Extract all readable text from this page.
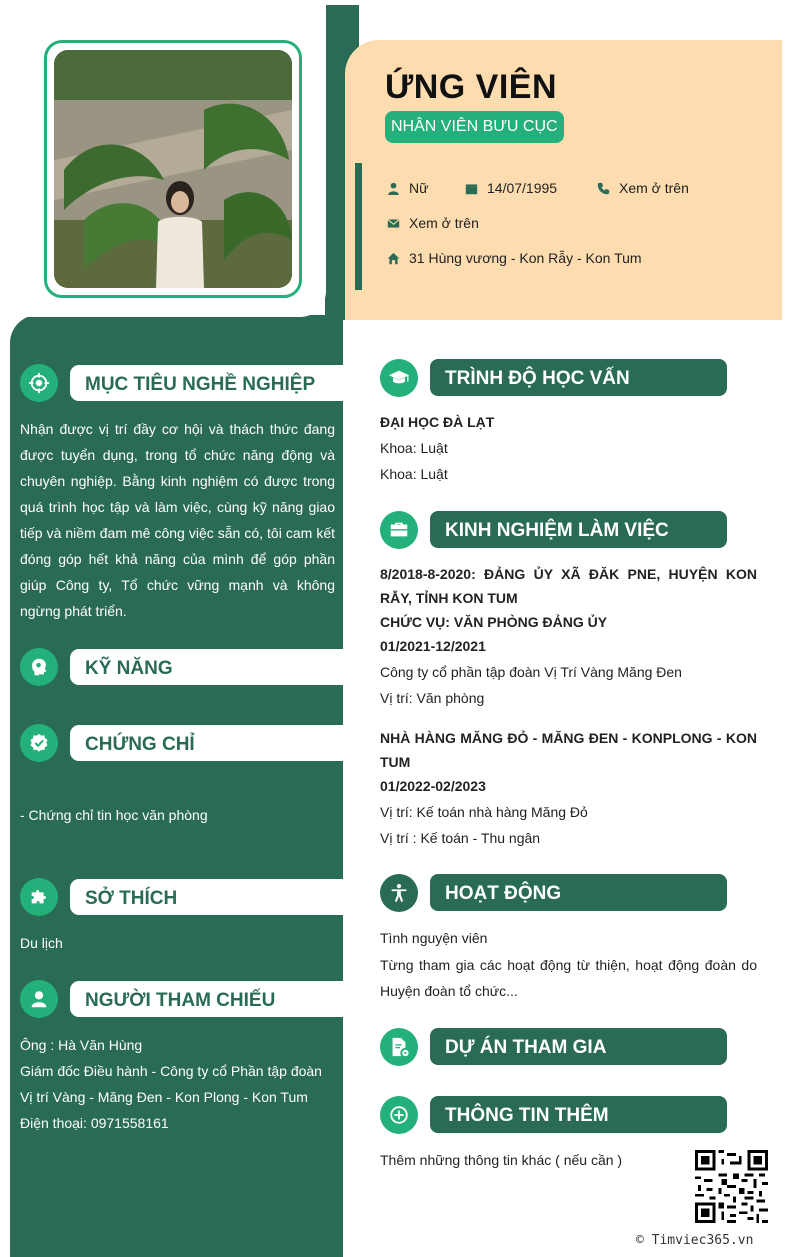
ỨNG VIÊN
NHÂN VIÊN BƯU CỤC
Nữ	14/07/1995	Xem ở trên
Xem ở trên
31 Hùng vương - Kon Rẫy - Kon Tum
MỤC TIÊU NGHỀ NGHIỆP
Nhận được vị trí đầy cơ hội và thách thức đang được tuyển dụng, trong tổ chức năng động và chuyên nghiệp. Bằng kinh nghiệm có được trong quá trình học tập và làm việc, cùng kỹ năng giao tiếp và niềm đam mê công việc sẵn có, tôi cam kết đóng góp hết khả năng của mình để góp phần giúp Công ty, Tổ chức vững mạnh và không ngừng phát triển.
KỸ NĂNG
CHỨNG CHỈ
- Chứng chỉ tin học văn phòng
SỞ THÍCH
Du lịch
NGƯỜI THAM CHIẾU
Ông : Hà Văn Hùng
Giám đốc Điều hành - Công ty cổ Phần tập đoàn Vị trí Vàng - Măng Đen - Kon Plong - Kon Tum
Điện thoại: 0971558161
TRÌNH ĐỘ HỌC VẤN
ĐẠI HỌC ĐÀ LẠT
Khoa: Luật
Khoa: Luật
KINH NGHIỆM LÀM VIỆC
8/2018-8-2020: ĐẢNG ỦY XÃ ĐĂK PNE, HUYỆN KON RẪY, TỈNH KON TUM
CHỨC VỤ: VĂN PHÒNG ĐẢNG ỦY
01/2021-12/2021
Công ty cổ phần tập đoàn Vị Trí Vàng Măng Đen
Vị trí: Văn phòng
NHÀ HÀNG MĂNG ĐỎ - MĂNG ĐEN - KONPLONG - KON TUM
01/2022-02/2023
Vị trí: Kế toán nhà hàng Măng Đỏ
Vị trí : Kế toán - Thu ngân
HOẠT ĐỘNG
Tình nguyện viên
Từng tham gia các hoạt động từ thiện, hoạt động đoàn do Huyện đoàn tổ chức...
DỰ ÁN THAM GIA
THÔNG TIN THÊM
Thêm những thông tin khác ( nếu cần )
© Timviec365.vn
